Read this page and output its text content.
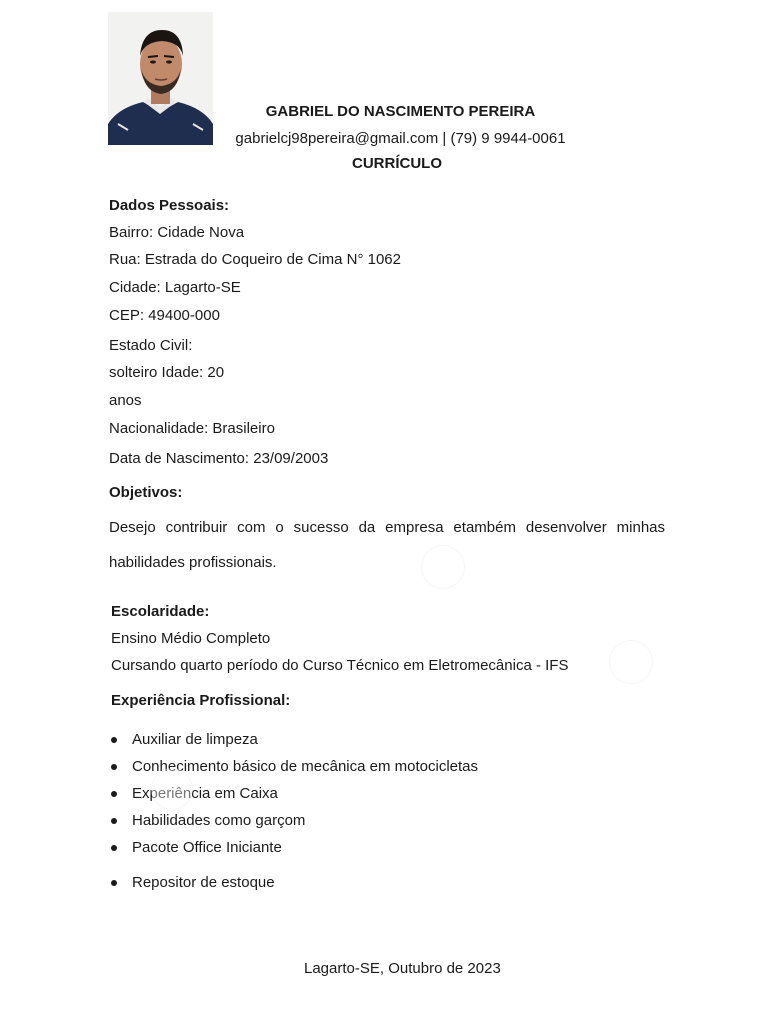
GABRIEL DO NASCIMENTO PEREIRA
gabrielcj98pereira@gmail.com | (79) 9 9944-0061
CURRÍCULO
Dados Pessoais:
Bairro: Cidade Nova
Rua: Estrada do Coqueiro de Cima N° 1062
Cidade: Lagarto-SE
CEP: 49400-000
Estado Civil:
solteiro Idade: 20
anos
Nacionalidade: Brasileiro
Data de Nascimento: 23/09/2003
Objetivos:
Desejo contribuir com o sucesso da empresa etambém desenvolver minhas
habilidades profissionais.
Escolaridade:
Ensino Médio Completo
Cursando quarto período do Curso Técnico em Eletromecânica - IFS
Experiência Profissional:
Auxiliar de limpeza
Conhecimento básico de mecânica em motocicletas
Experiência em Caixa
Habilidades como garçom
Pacote Office Iniciante
Repositor de estoque
Lagarto-SE, Outubro de 2023
